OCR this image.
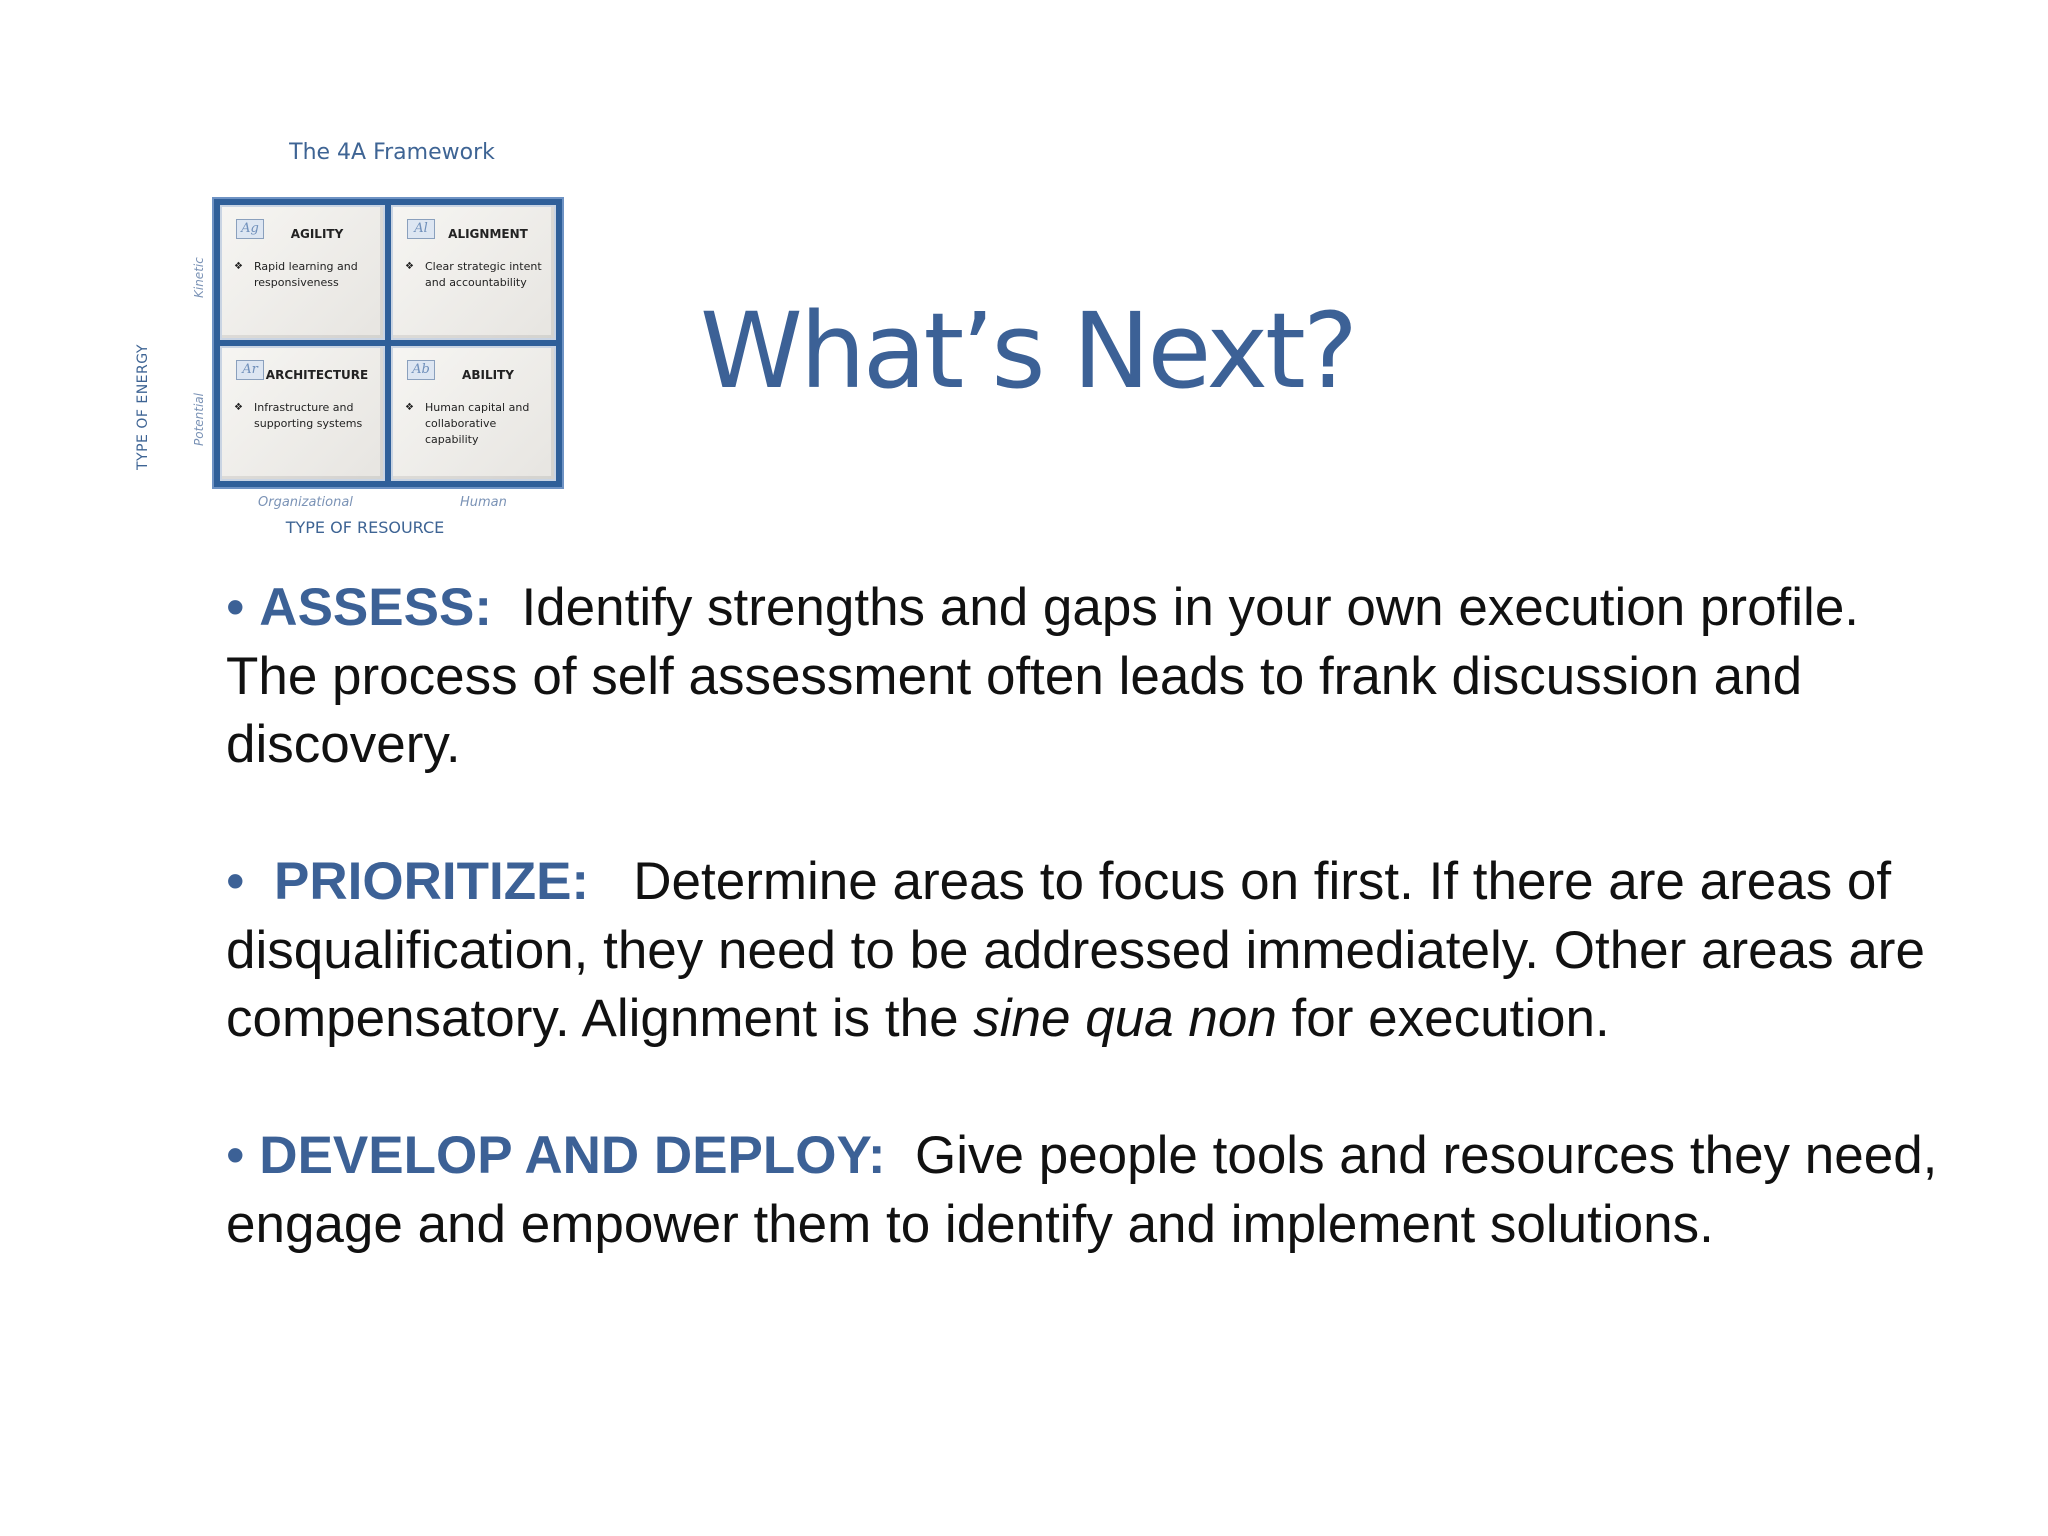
The 4A Framework
TYPE OF ENERGY
Kinetic
Potential
Ag	AGILITY
❖	Rapid learning and responsiveness
Al	ALIGNMENT
❖	Clear strategic intent and accountability
Ar ARCHITECTURE
❖	Infrastructure and supporting systems
Ab	ABILITY
❖	Human capital and collaborative capability
Organizational	Human
TYPE OF RESOURCE
What’s Next?

• ASSESS: Identify strengths and gaps in your own execution profile. The process of self assessment often leads to frank discussion and discovery.

• PRIORITIZE: Determine areas to focus on first. If there are areas of disqualification, they need to be addressed immediately. Other areas are compensatory. Alignment is the sine qua non for execution.

• DEVELOP AND DEPLOY: Give people tools and resources they need, engage and empower them to identify and implement solutions.
